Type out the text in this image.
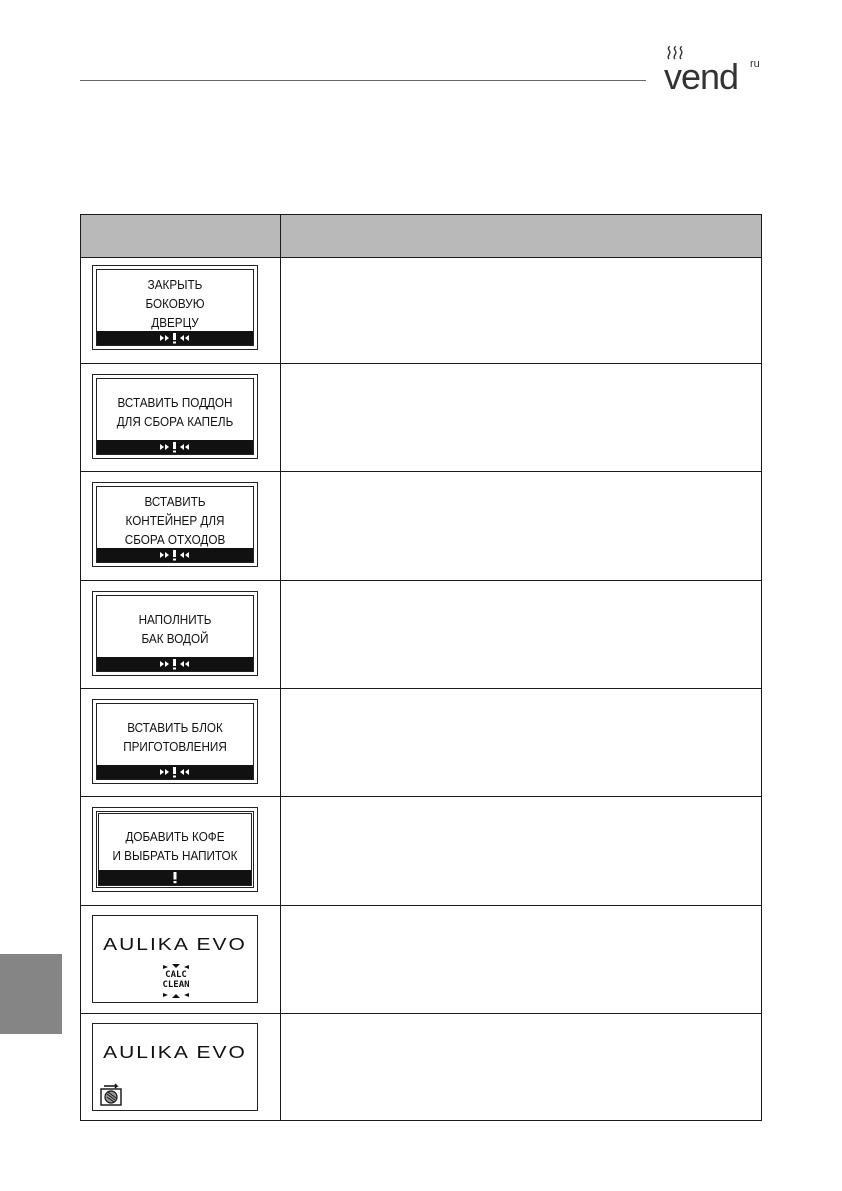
vend ru
ЗАКРЫТЬ
БОКОВУЮ
ДВЕРЦУ
ВСТАВИТЬ ПОДДОН
ДЛЯ СБОРА КАПЕЛЬ
ВСТАВИТЬ
КОНТЕЙНЕР ДЛЯ
СБОРА ОТХОДОВ
НАПОЛНИТЬ
БАК ВОДОЙ
ВСТАВИТЬ БЛОК
ПРИГОТОВЛЕНИЯ
ДОБАВИТЬ КОФЕ
И ВЫБРАТЬ НАПИТОК
AULIKA EVO
CALC
CLEAN
AULIKA EVO
